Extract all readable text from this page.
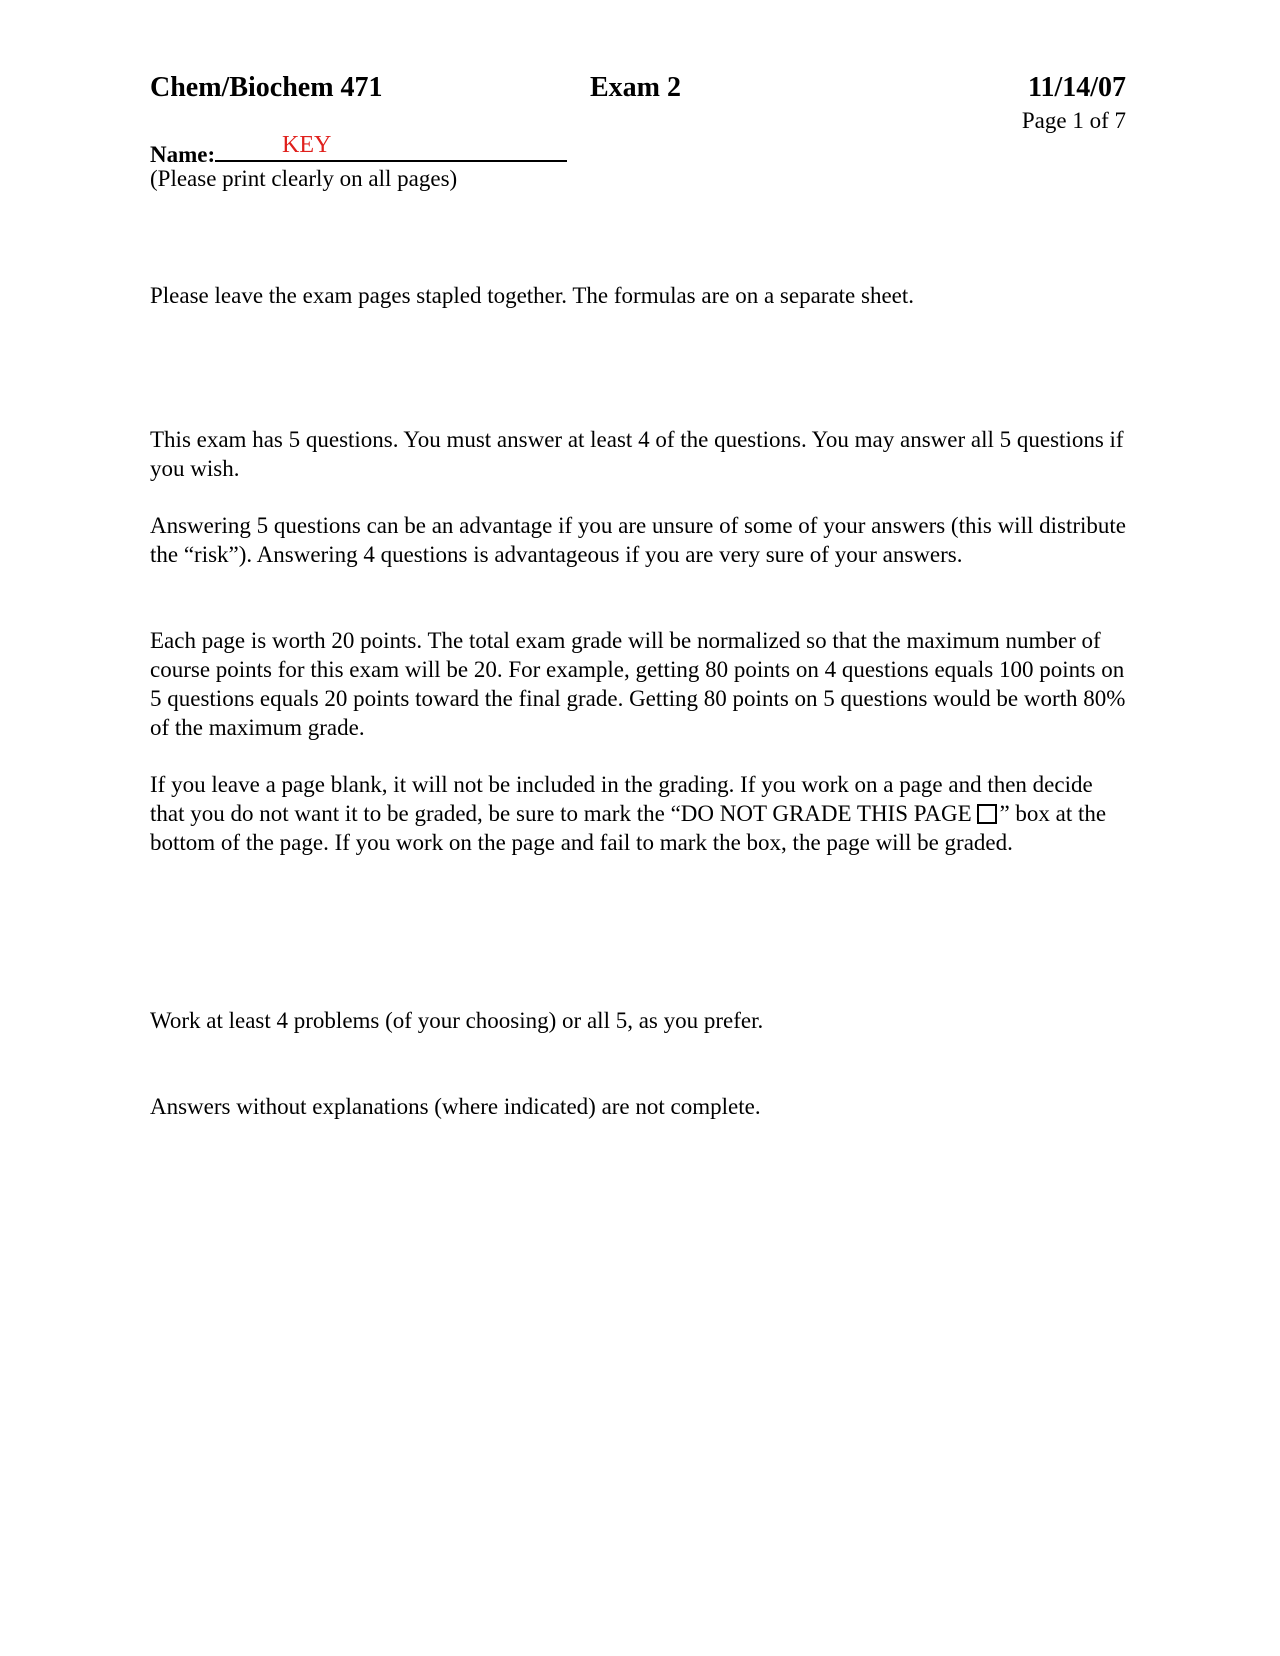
Chem/Biochem 471	Exam 2	11/14/07
Page 1 of 7
Name:	KEY
(Please print clearly on all pages)

Please leave the exam pages stapled together. The formulas are on a separate sheet.

This exam has 5 questions. You must answer at least 4 of the questions. You may answer all 5 questions if you wish.

Answering 5 questions can be an advantage if you are unsure of some of your answers (this will distribute the “risk”). Answering 4 questions is advantageous if you are very sure of your answers.

Each page is worth 20 points. The total exam grade will be normalized so that the maximum number of course points for this exam will be 20. For example, getting 80 points on 4 questions equals 100 points on 5 questions equals 20 points toward the final grade. Getting 80 points on 5 questions would be worth 80% of the maximum grade.

If you leave a page blank, it will not be included in the grading. If you work on a page and then decide that you do not want it to be graded, be sure to mark the “DO NOT GRADE THIS PAGE ” box at the bottom of the page. If you work on the page and fail to mark the box, the page will be graded.

Work at least 4 problems (of your choosing) or all 5, as you prefer.

Answers without explanations (where indicated) are not complete.
